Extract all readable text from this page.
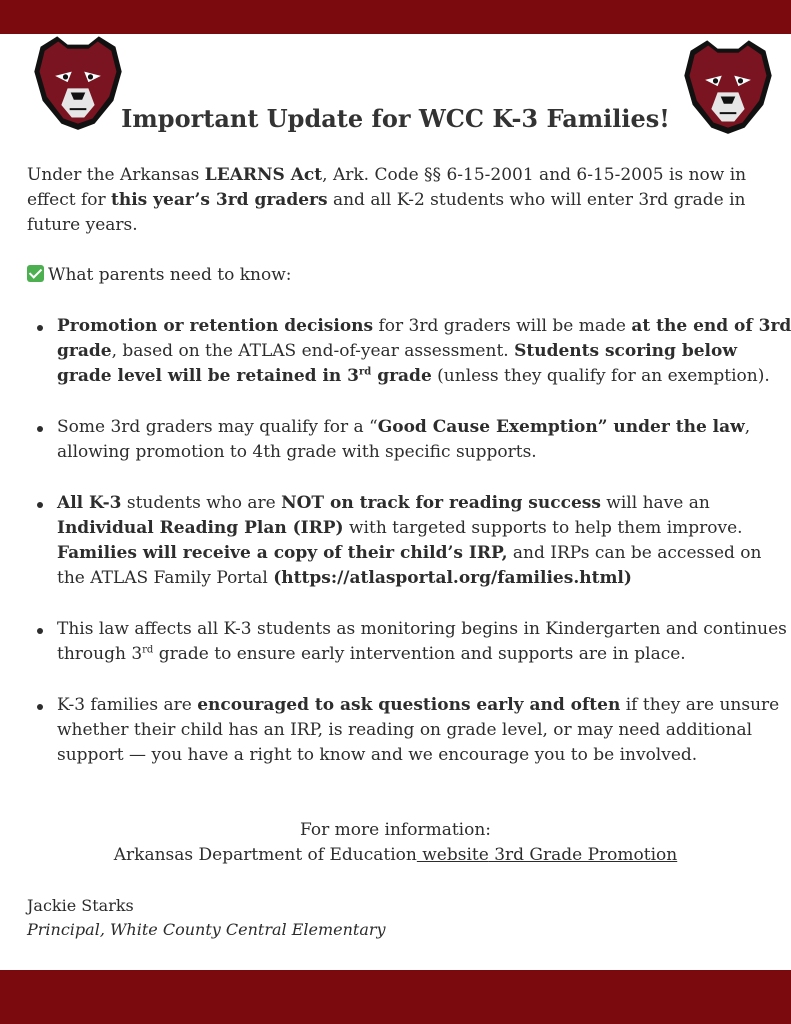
Important Update for WCC K-3 Families!

Under the Arkansas LEARNS Act, Ark. Code §§ 6-15-2001 and 6-15-2005 is now in effect for this year’s 3rd graders and all K-2 students who will enter 3rd grade in future years.

What parents need to know:

Promotion or retention decisions for 3rd graders will be made at the end of 3rd grade, based on the ATLAS end-of-year assessment. Students scoring below grade level will be retained in 3rd grade (unless they qualify for an exemption).
Some 3rd graders may qualify for a “Good Cause Exemption” under the law, allowing promotion to 4th grade with specific supports.
All K-3 students who are NOT on track for reading success will have an Individual Reading Plan (IRP) with targeted supports to help them improve. Families will receive a copy of their child’s IRP, and IRPs can be accessed on the ATLAS Family Portal (https://atlasportal.org/families.html)
This law affects all K-3 students as monitoring begins in Kindergarten and continues through 3rd grade to ensure early intervention and supports are in place.
K-3 families are encouraged to ask questions early and often if they are unsure whether their child has an IRP, is reading on grade level, or may need additional support — you have a right to know and we encourage you to be involved.
For more information:
Arkansas Department of Education website 3rd Grade Promotion
Jackie Starks
Principal, White County Central Elementary
